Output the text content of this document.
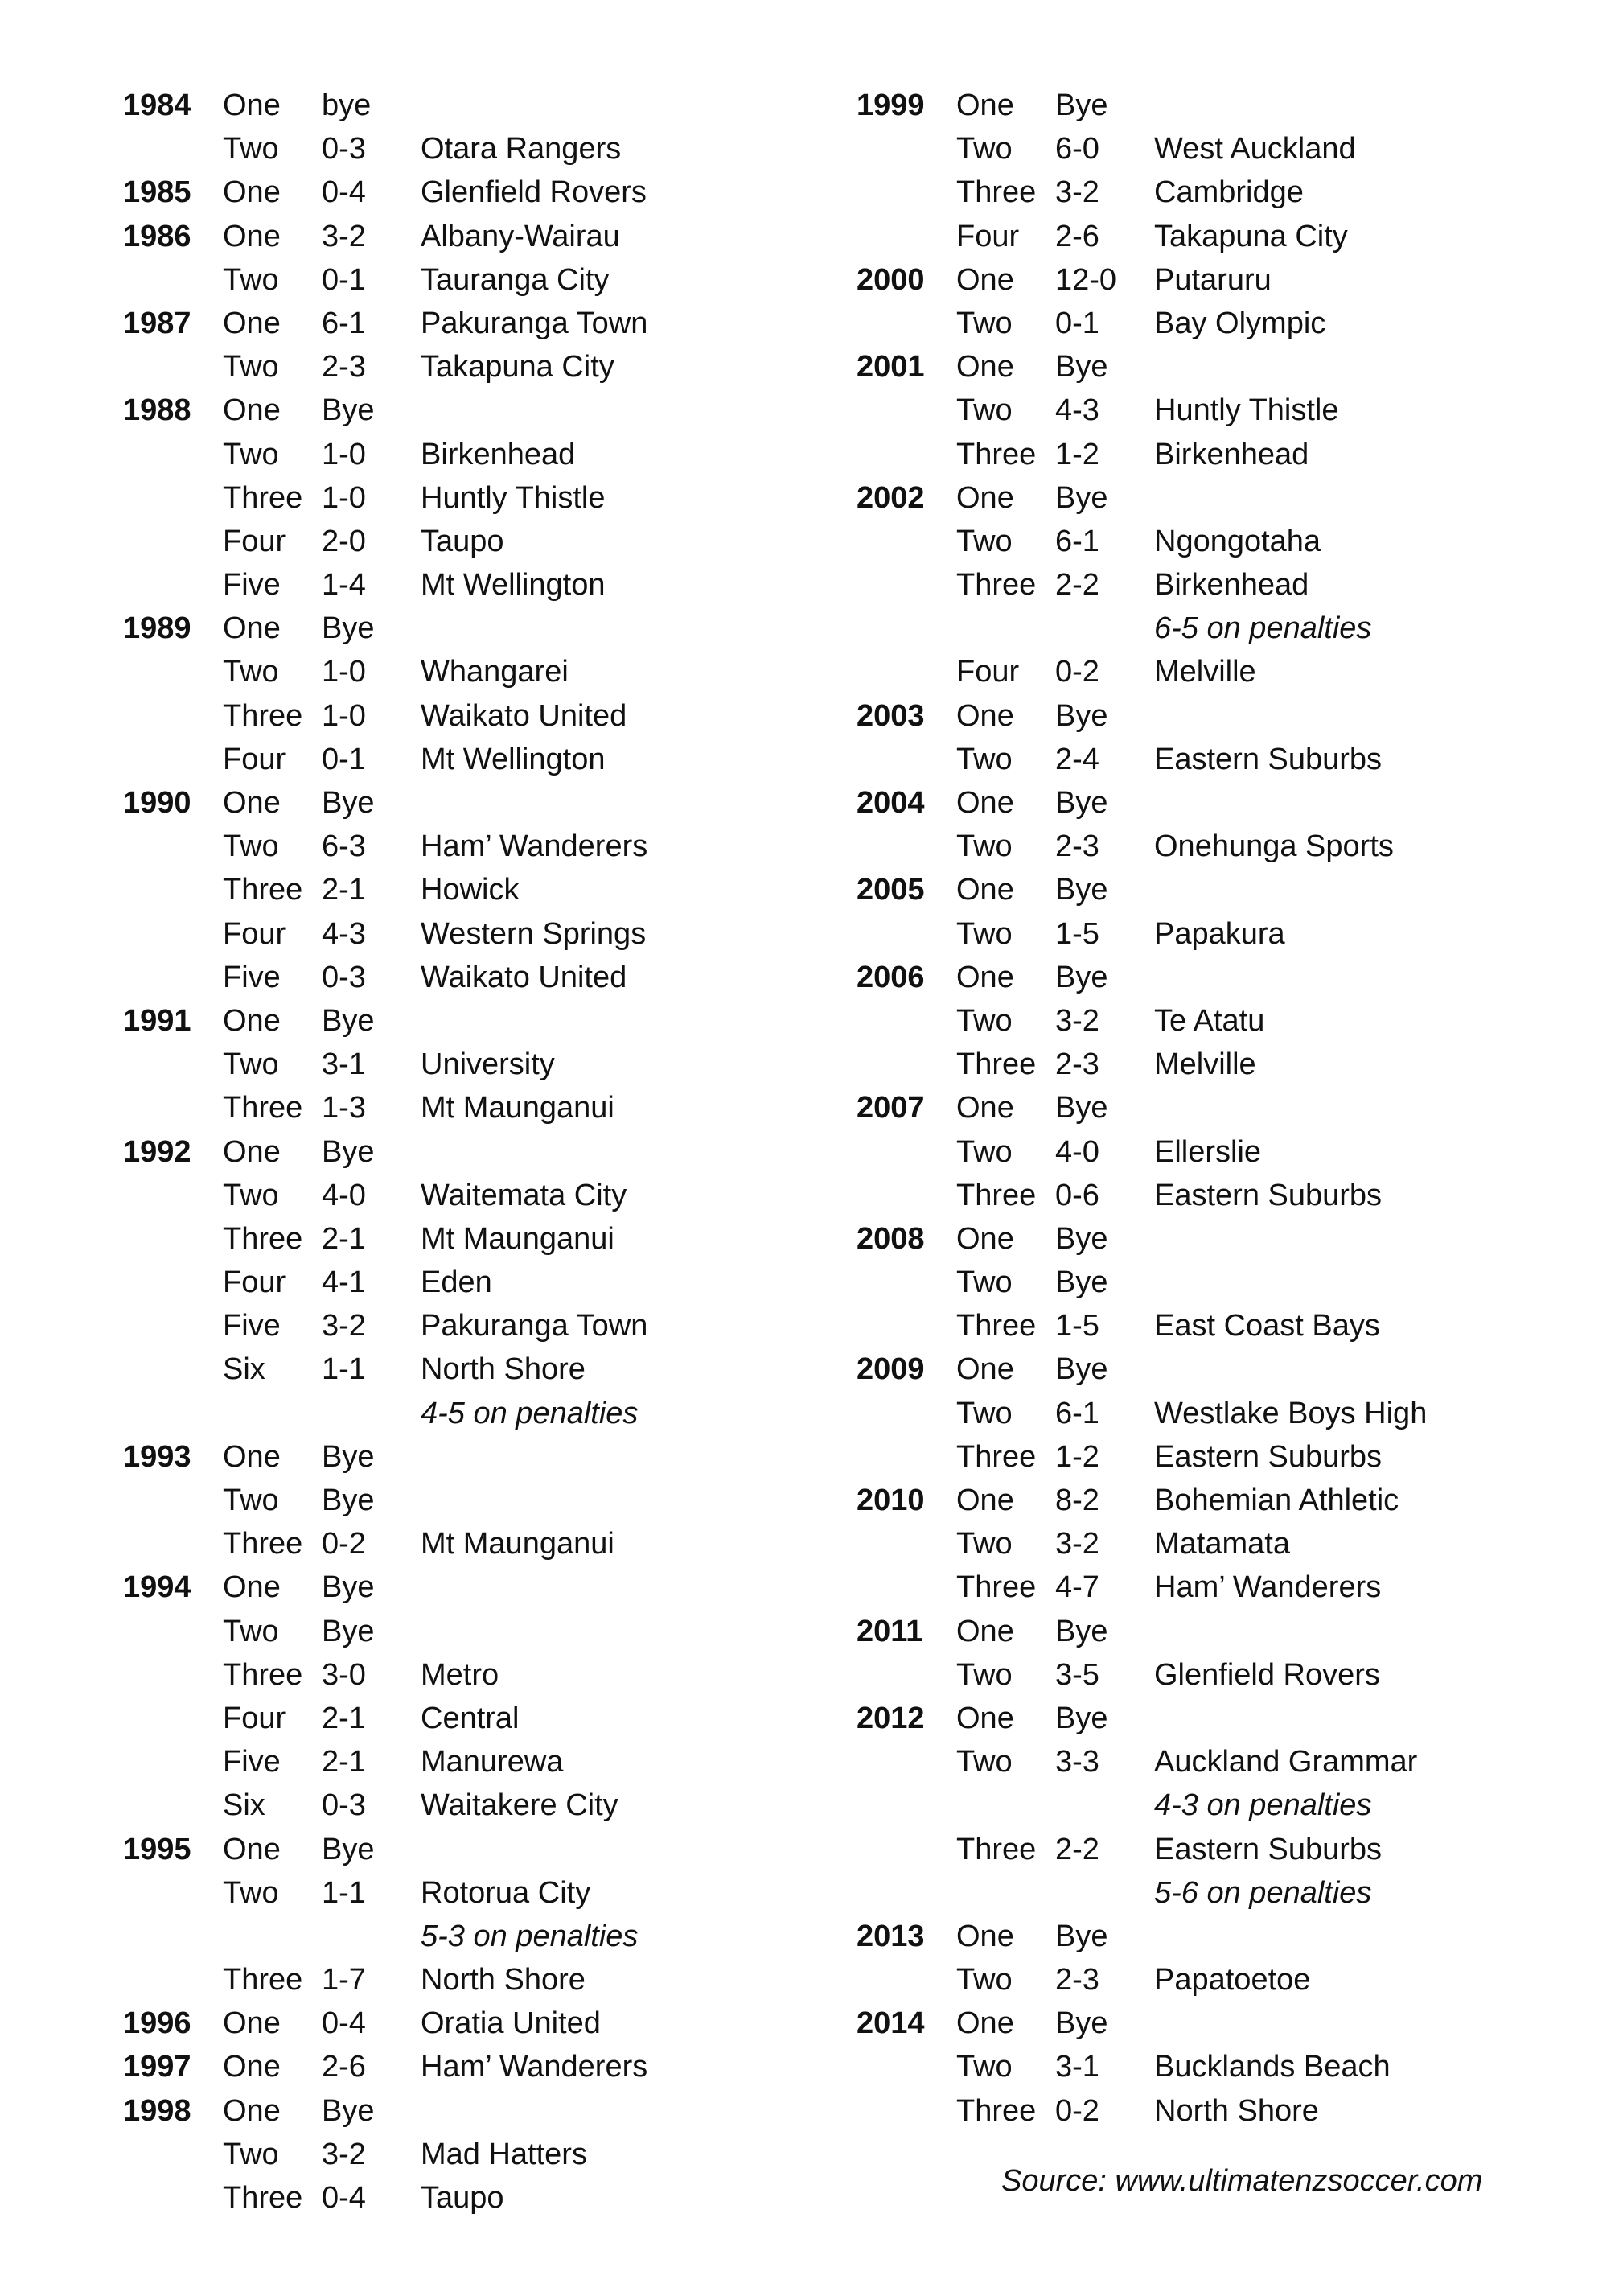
1984 One bye
Two 0-3 Otara Rangers
1985 One 0-4 Glenfield Rovers
1986 One 3-2 Albany-Wairau
Two 0-1 Tauranga City
1987 One 6-1 Pakuranga Town
Two 2-3 Takapuna City
1988 One Bye
Two 1-0 Birkenhead
Three 1-0 Huntly Thistle
Four 2-0 Taupo
Five 1-4 Mt Wellington
1989 One Bye
Two 1-0 Whangarei
Three 1-0 Waikato United
Four 0-1 Mt Wellington
1990 One Bye
Two 6-3 Ham’ Wanderers
Three 2-1 Howick
Four 4-3 Western Springs
Five 0-3 Waikato United
1991 One Bye
Two 3-1 University
Three 1-3 Mt Maunganui
1992 One Bye
Two 4-0 Waitemata City
Three 2-1 Mt Maunganui
Four 4-1 Eden
Five 3-2 Pakuranga Town
Six 1-1 North Shore
4-5 on penalties
1993 One Bye
Two Bye
Three 0-2 Mt Maunganui
1994 One Bye
Two Bye
Three 3-0 Metro
Four 2-1 Central
Five 2-1 Manurewa
Six 0-3 Waitakere City
1995 One Bye
Two 1-1 Rotorua City
5-3 on penalties
Three 1-7 North Shore
1996 One 0-4 Oratia United
1997 One 2-6 Ham’ Wanderers
1998 One Bye
Two 3-2 Mad Hatters
Three 0-4 Taupo
1999 One Bye
Two 6-0 West Auckland
Three 3-2 Cambridge
Four 2-6 Takapuna City
2000 One 12-0 Putaruru
Two 0-1 Bay Olympic
2001 One Bye
Two 4-3 Huntly Thistle
Three 1-2 Birkenhead
2002 One Bye
Two 6-1 Ngongotaha
Three 2-2 Birkenhead
6-5 on penalties
Four 0-2 Melville
2003 One Bye
Two 2-4 Eastern Suburbs
2004 One Bye
Two 2-3 Onehunga Sports
2005 One Bye
Two 1-5 Papakura
2006 One Bye
Two 3-2 Te Atatu
Three 2-3 Melville
2007 One Bye
Two 4-0 Ellerslie
Three 0-6 Eastern Suburbs
2008 One Bye
Two Bye
Three 1-5 East Coast Bays
2009 One Bye
Two 6-1 Westlake Boys High
Three 1-2 Eastern Suburbs
2010 One 8-2 Bohemian Athletic
Two 3-2 Matamata
Three 4-7 Ham’ Wanderers
2011 One Bye
Two 3-5 Glenfield Rovers
2012 One Bye
Two 3-3 Auckland Grammar
4-3 on penalties
Three 2-2 Eastern Suburbs
5-6 on penalties
2013 One Bye
Two 2-3 Papatoetoe
2014 One Bye
Two 3-1 Bucklands Beach
Three 0-2 North Shore
Source: www.ultimatenzsoccer.com
